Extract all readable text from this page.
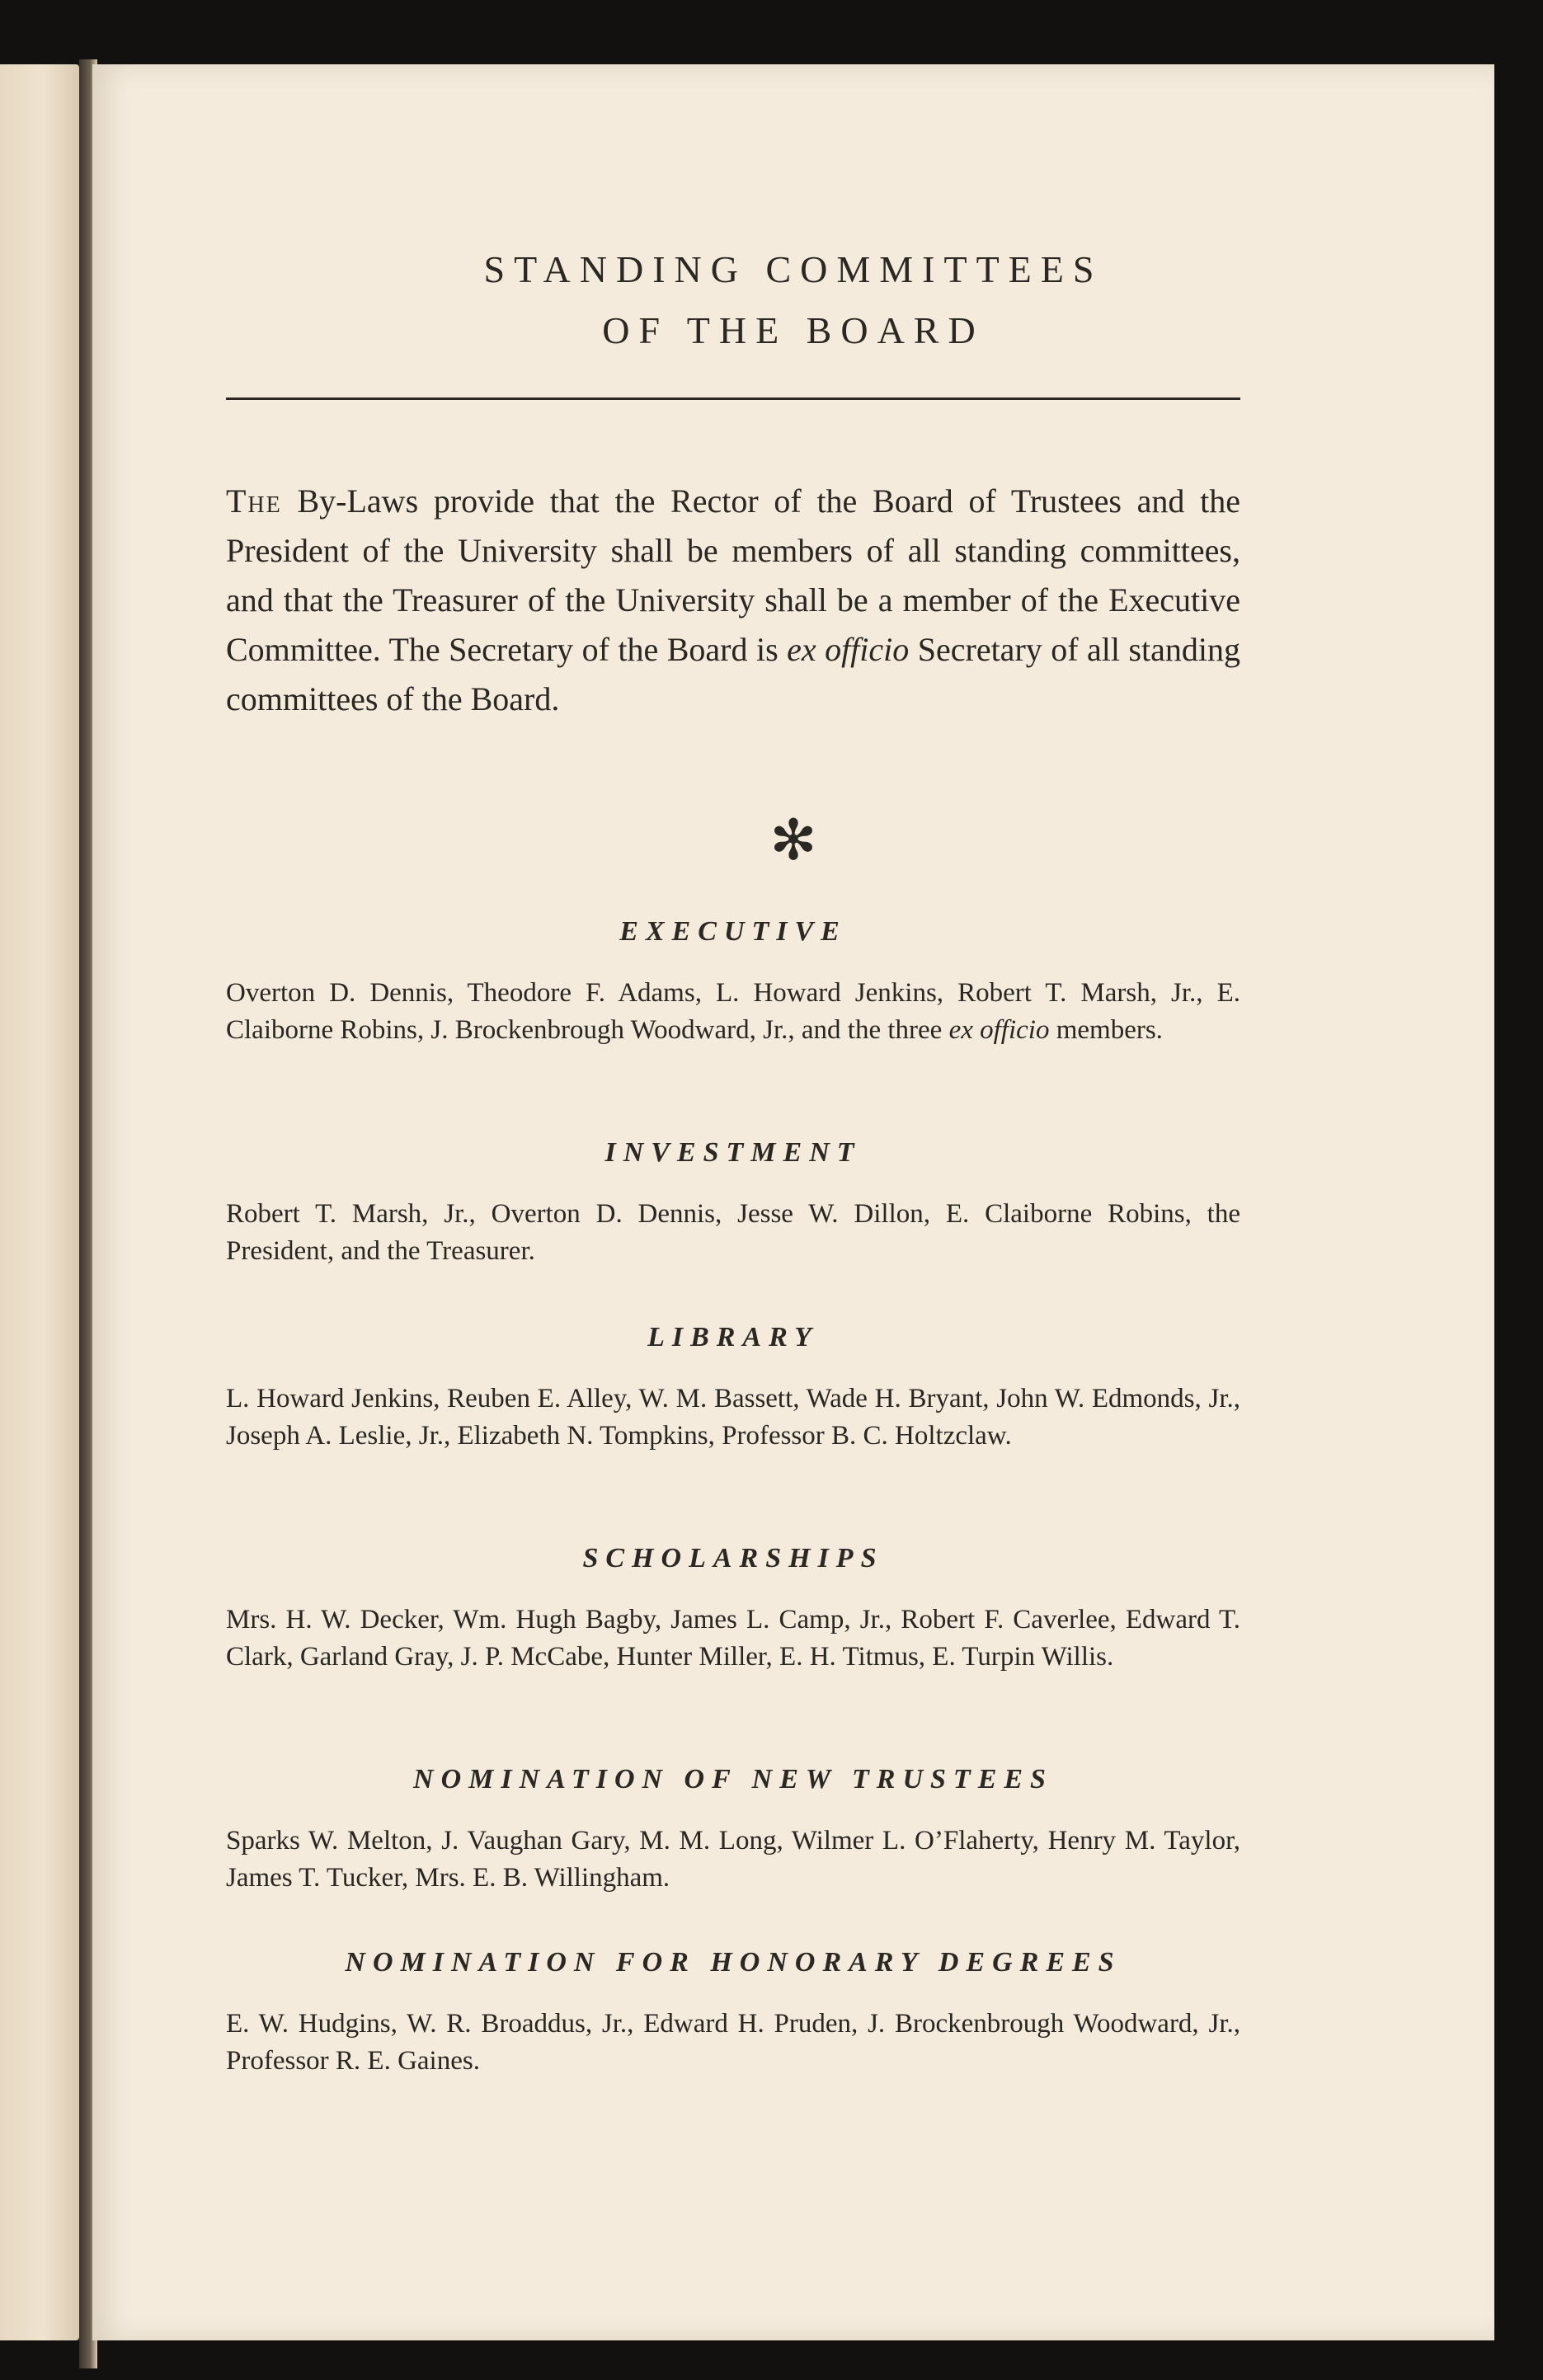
STANDING COMMITTEES
OF THE BOARD
The By-Laws provide that the Rector of the Board of Trustees and the President of the University shall be members of all standing committees, and that the Treasurer of the University shall be a member of the Executive Committee. The Secretary of the Board is ex officio Secretary of all standing committees of the Board.
✻
EXECUTIVE
Overton D. Dennis, Theodore F. Adams, L. Howard Jenkins, Robert T. Marsh, Jr., E. Claiborne Robins, J. Brockenbrough Woodward, Jr., and the three ex officio members.
INVESTMENT
Robert T. Marsh, Jr., Overton D. Dennis, Jesse W. Dillon, E. Claiborne Robins, the President, and the Treasurer.
LIBRARY
L. Howard Jenkins, Reuben E. Alley, W. M. Bassett, Wade H. Bryant, John W. Edmonds, Jr., Joseph A. Leslie, Jr., Elizabeth N. Tompkins, Professor B. C. Holtzclaw.
SCHOLARSHIPS
Mrs. H. W. Decker, Wm. Hugh Bagby, James L. Camp, Jr., Robert F. Caverlee, Edward T. Clark, Garland Gray, J. P. McCabe, Hunter Miller, E. H. Titmus, E. Turpin Willis.
NOMINATION OF NEW TRUSTEES
Sparks W. Melton, J. Vaughan Gary, M. M. Long, Wilmer L. O’Flaherty, Henry M. Taylor, James T. Tucker, Mrs. E. B. Willingham.
NOMINATION FOR HONORARY DEGREES
E. W. Hudgins, W. R. Broaddus, Jr., Edward H. Pruden, J. Brockenbrough Woodward, Jr., Professor R. E. Gaines.
